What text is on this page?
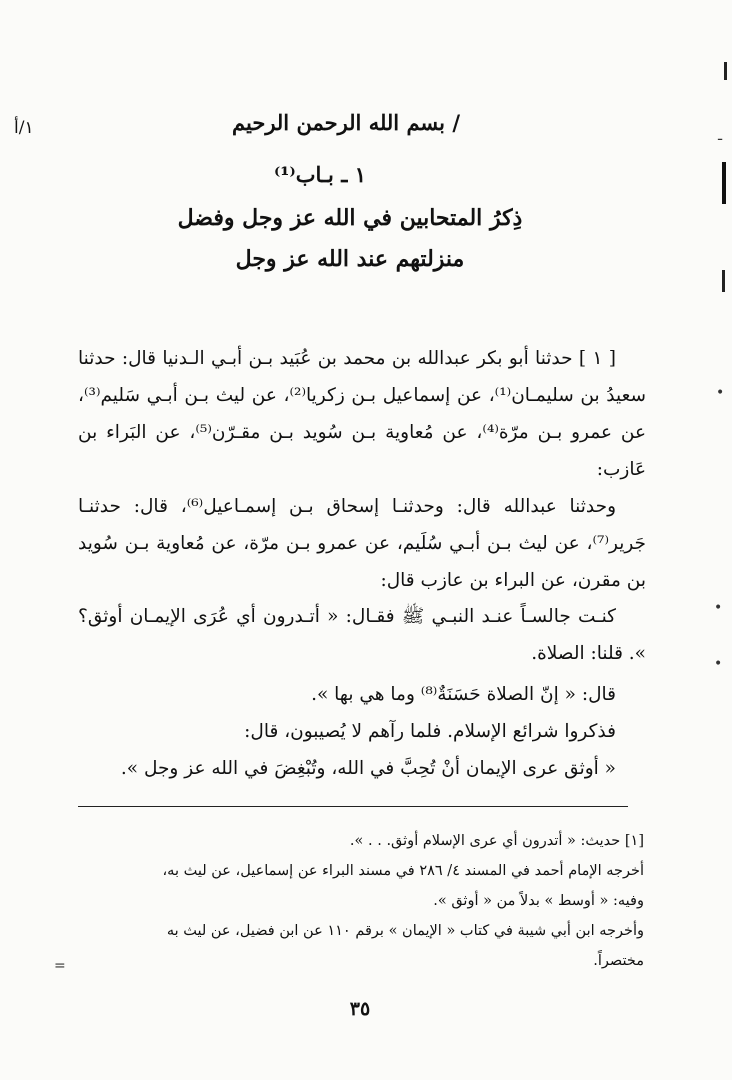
١/أ	/ بسم الله الرحمن الرحيم
١ ـ بـاب⁽¹⁾
ذِكرُ المتحابين في الله عز وجل وفضل
منزلتهم عند الله عز وجل
[ ١ ] حدثنا أبو بكر عبدالله بن محمد بن عُبَيد بـن أبـي الـدنيا قال: حدثنا سعيدُ بن سليمـان⁽¹⁾، عن إسماعيل بـن زكريا⁽²⁾، عن ليث بـن أبـي سَليم⁽³⁾، عن عمرو بـن مرّة⁽⁴⁾، عن مُعاوية بـن سُويد بـن مقـرّن⁽⁵⁾، عن البَراء بن عَازب:
وحدثنا عبدالله قال: وحدثنـا إسحاق بـن إسمـاعيل⁽⁶⁾، قال: حدثنـا جَرير⁽⁷⁾، عن ليث بـن أبـي سُلَيم، عن عمرو بـن مرّة، عن مُعاوية بـن سُويد بن مقرن، عن البراء بن عازب قال:
كنـت جالسـاً عنـد النبـي ﷺ فقـال: « أتـدرون أي عُرَى الإيمـان أوثق؟ ». قلنا: الصلاة.
قال: « إنّ الصلاة حَسَنَةٌ⁽⁸⁾ وما هي بها ».
فذكروا شرائع الإسلام. فلما رآهم لا يُصيبون، قال:
« أوثق عرى الإيمان أنْ تُحِبَّ في الله، وتُبْغِضَ في الله عز وجل ».

[١] حديث: « أتدرون أي عرى الإسلام أوثق. . . ».

أخرجه الإمام أحمد في المسند ٤/ ٢٨٦ في مسند البراء عن إسماعيل، عن ليث به،

وفيه: « أوسط » بدلاً من « أوثق ».

وأخرجه ابن أبي شيبة في كتاب « الإيمان » برقم ١١٠ عن ابن فضيل، عن ليث به

مختصراً.

٣٥
ـ
•
•
•
=
